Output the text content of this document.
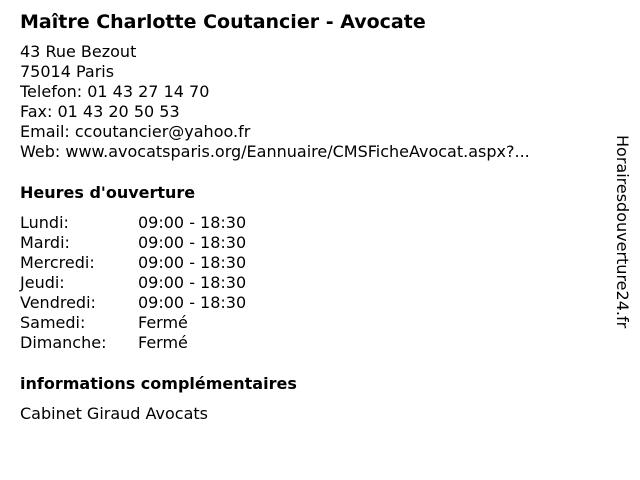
Maître Charlotte Coutancier - Avocate
43 Rue Bezout
75014 Paris
Telefon: 01 43 27 14 70
Fax: 01 43 20 50 53
Email: ccoutancier@yahoo.fr
Web: www.avocatsparis.org/Eannuaire/CMSFicheAvocat.aspx?...
Heures d'ouverture
Lundi:	09:00 - 18:30
Mardi:	09:00 - 18:30
Mercredi:	09:00 - 18:30
Jeudi:	09:00 - 18:30
Vendredi:	09:00 - 18:30
Samedi:	Fermé
Dimanche:	Fermé
informations complémentaires
Cabinet Giraud Avocats
Horairesdouverture24.fr
